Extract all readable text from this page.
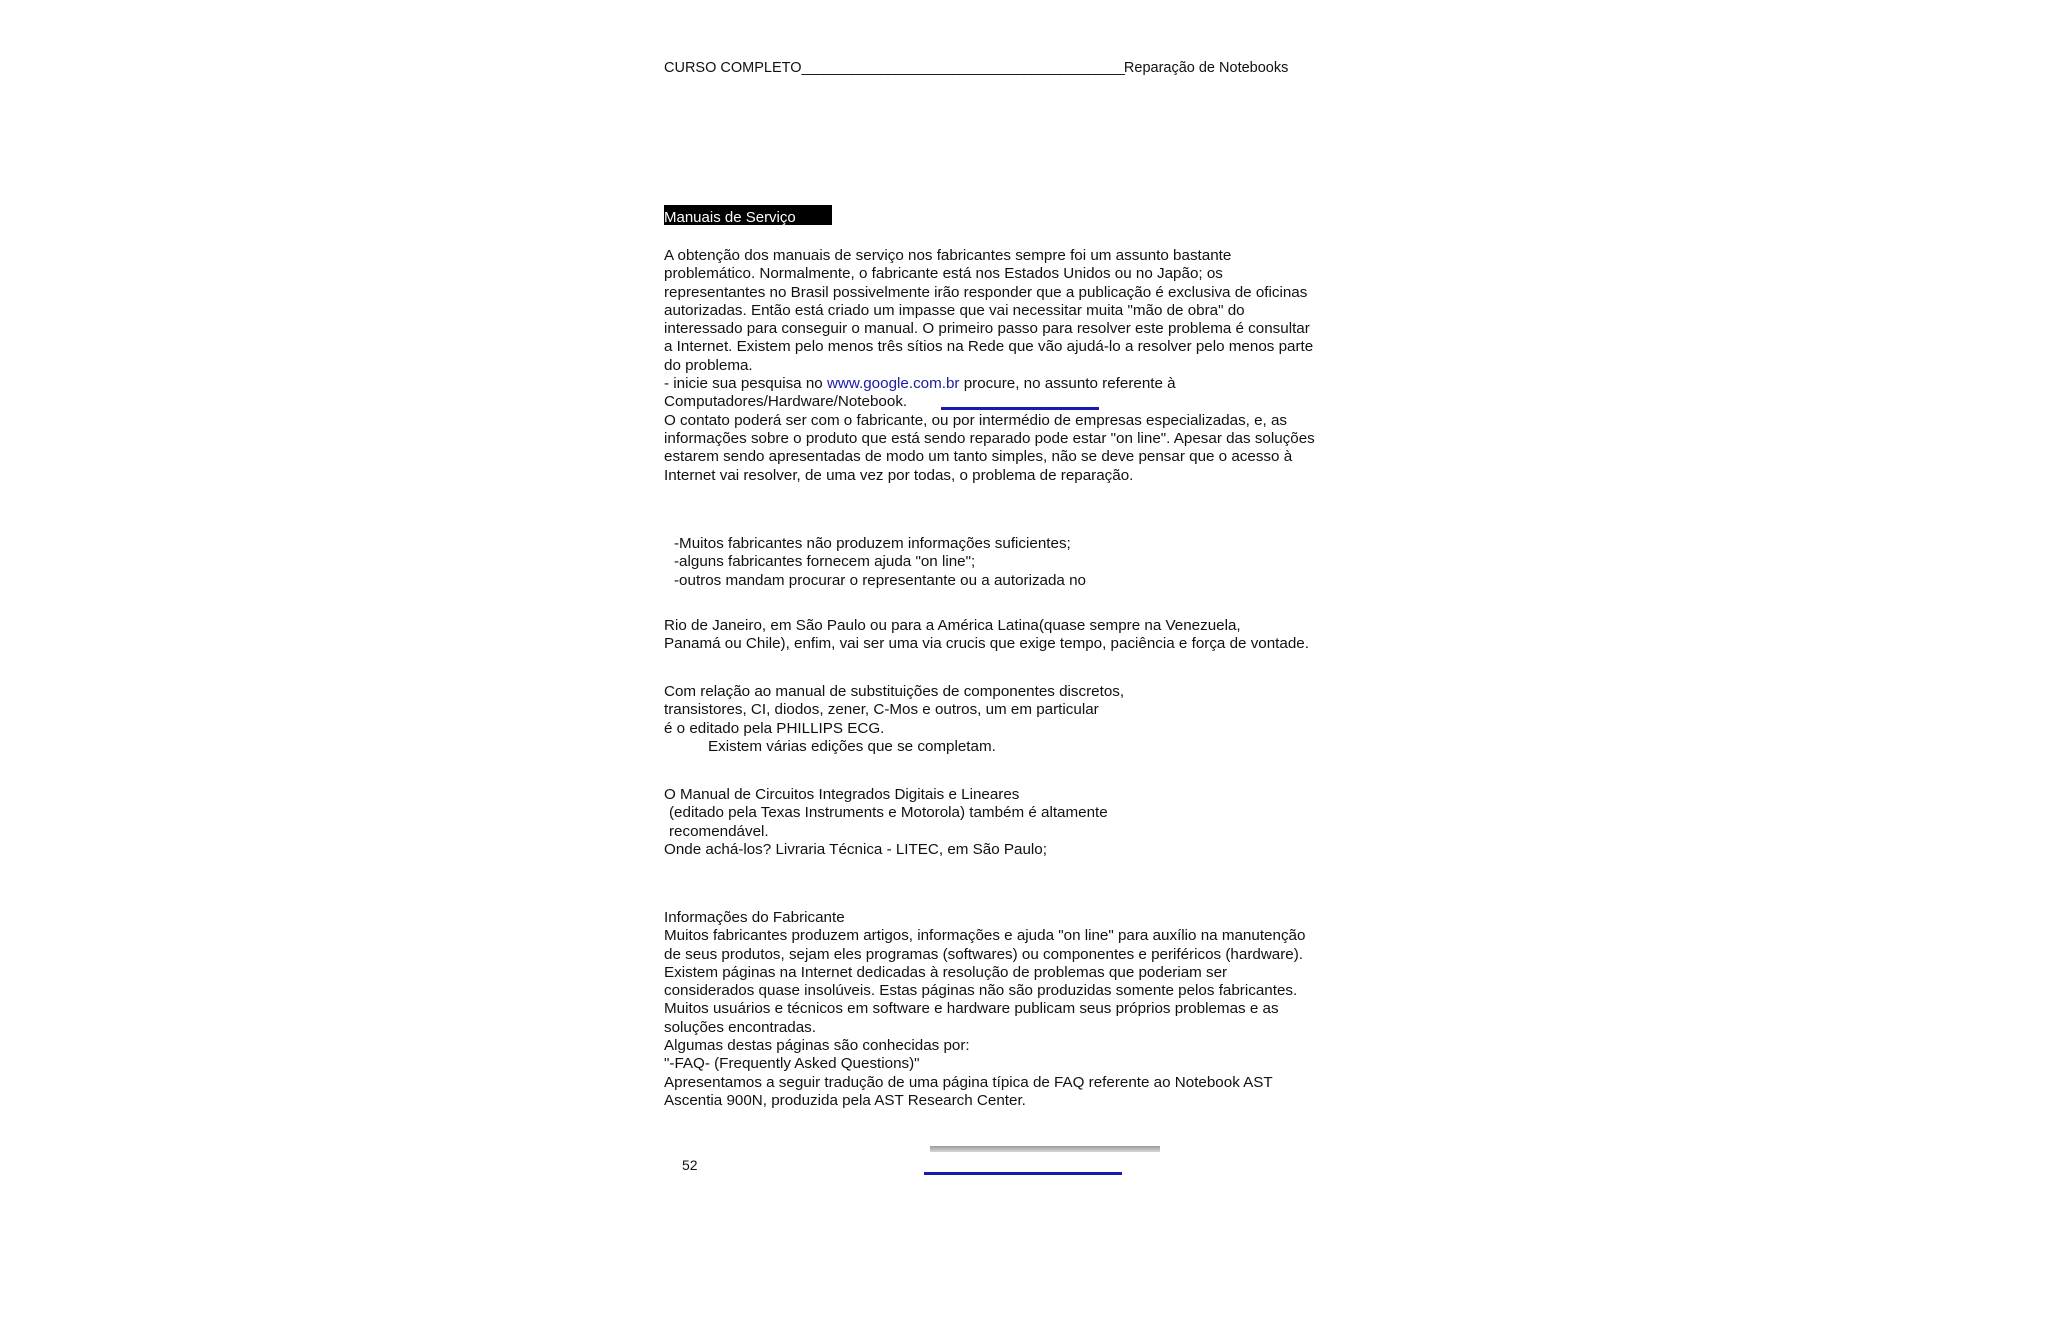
CURSO COMPLETO_____________________________________________Reparação de Notebooks
Manuais de Serviço
A obtenção dos manuais de serviço nos fabricantes sempre foi um assunto bastante
problemático. Normalmente, o fabricante está nos Estados Unidos ou no Japão; os
representantes no Brasil possivelmente irão responder que a publicação é exclusiva de oficinas
autorizadas. Então está criado um impasse que vai necessitar muita "mão de obra" do
interessado para conseguir o manual. O primeiro passo para resolver este problema é consultar
a Internet. Existem pelo menos três sítios na Rede que vão ajudá-lo a resolver pelo menos parte
do problema.
- inicie sua pesquisa no www.google.com.br procure, no assunto referente à
Computadores/Hardware/Notebook.
O contato poderá ser com o fabricante, ou por intermédio de empresas especializadas, e, as
informações sobre o produto que está sendo reparado pode estar "on line". Apesar das soluções
estarem sendo apresentadas de modo um tanto simples, não se deve pensar que o acesso à
Internet vai resolver, de uma vez por todas, o problema de reparação.
-Muitos fabricantes não produzem informações suficientes;
-alguns fabricantes fornecem ajuda "on line";
-outros mandam procurar o representante ou a autorizada no
Rio de Janeiro, em São Paulo ou para a América Latina(quase sempre na Venezuela,
Panamá ou Chile), enfim, vai ser uma via crucis que exige tempo, paciência e força de vontade.
Com relação ao manual de substituições de componentes discretos,
transistores, CI, diodos, zener, C-Mos e outros, um em particular
é o editado pela PHILLIPS ECG.
Existem várias edições que se completam.
O Manual de Circuitos Integrados Digitais e Lineares
(editado pela Texas Instruments e Motorola) também é altamente
recomendável.
Onde achá-los? Livraria Técnica - LITEC, em São Paulo;
Informações do Fabricante
Muitos fabricantes produzem artigos, informações e ajuda "on line" para auxílio na manutenção
de seus produtos, sejam eles programas (softwares) ou componentes e periféricos (hardware).
Existem páginas na Internet dedicadas à resolução de problemas que poderiam ser
considerados quase insolúveis. Estas páginas não são produzidas somente pelos fabricantes.
Muitos usuários e técnicos em software e hardware publicam seus próprios problemas e as
soluções encontradas.
Algumas destas páginas são conhecidas por:
"-FAQ- (Frequently Asked Questions)"
Apresentamos a seguir tradução de uma página típica de FAQ referente ao Notebook AST
Ascentia 900N, produzida pela AST Research Center.
52
